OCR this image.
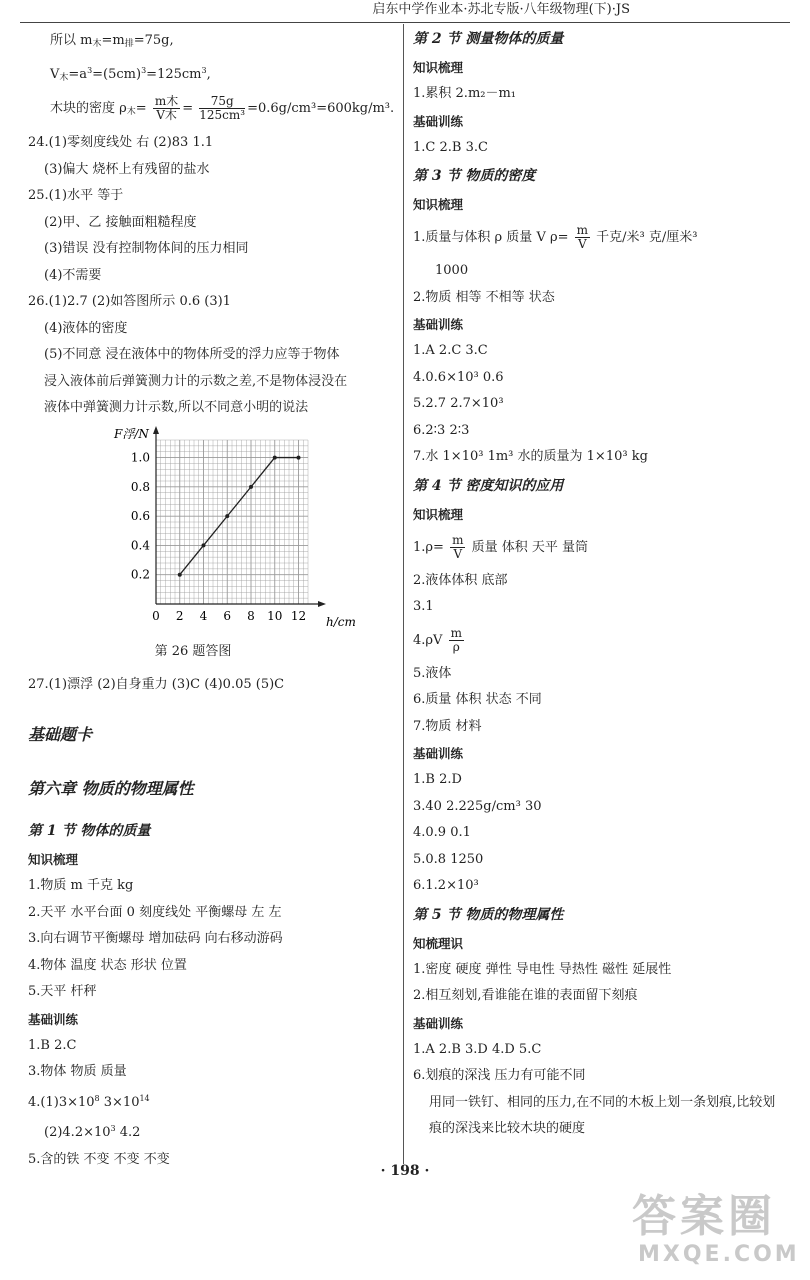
启东中学作业本·苏北专版·八年级物理(下)·JS
所以 $m_木=m_排=75g$,
$V_木=a^3=(5cm)^3=125cm^3$,
木块的密度 $\rho_木= \frac{\text{m木}}{\text{V木}} = \frac{75g}{\text{125cm³}} =0.6g/cm^3=600kg/m^3$.
24.(1)零刻度线处 右 (2)83 1.1
(3)偏大 烧杯上有残留的盐水
25.(1)水平 等于
(2)甲、乙 接触面粗糙程度
(3)错误 没有控制物体间的压力相同
(4)不需要
26.(1)2.7 (2)如答图所示 0.6 (3)1
(4)液体的密度
(5)不同意 浸在液体中的物体所受的浮力应等于物体
浸入液体前后弹簧测力计的示数之差,不是物体浸没在
液体中弹簧测力计示数,所以不同意小明的说法
0 2 4 6 8 10 12
0.2
0.4
0.6
0.8
1.0
F浮/N
h/cm
第 26 题答图
27.(1)漂浮 (2)自身重力 (3)C (4)0.05 (5)C
基础题卡
第六章 物质的物理属性
第 1 节 物体的质量
知识梳理
1.物质 m 千克 kg
2.天平 水平台面 0 刻度线处 平衡螺母 左 左
3.向右调节平衡螺母 增加砝码 向右移动游码
4.物体 温度 状态 形状 位置
5.天平 杆秤
基础训练
1.B 2.C
3.物体 物质 质量
$4.(1)3\times 10^8$ $3\times 10^{14}$
$(2)4.2\times 10^3$ 4.2
5.含的铁 不变 不变 不变
第 2 节 测量物体的质量
知识梳理
1.累积 2.m₂－m₁
基础训练
1.C 2.B 3.C
第 3 节 物质的密度
知识梳理
1.质量与体积 ρ 质量 V $\rho= \frac{m}{V}$ 千克/米³ 克/厘米³
1000
2.物质 相等 不相等 状态
基础训练
1.A 2.C 3.C
4.0.6×10³ 0.6
5.2.7 2.7×10³
6.2∶3 2∶3
7.水 1×10³ 1m³ 水的质量为 1×10³ kg
第 4 节 密度知识的应用
知识梳理
$1.\rho= \frac{m}{V}$ 质量 体积 天平 量筒
2.液体体积 底部
3.1
$4.\rho V \frac{m}{\rho}$
5.液体
6.质量 体积 状态 不同
7.物质 材料
基础训练
1.B 2.D
3.40 2.225g/cm³ 30
4.0.9 0.1
5.0.8 1250
6.1.2×10³
第 5 节 物质的物理属性
知梳理识
1.密度 硬度 弹性 导电性 导热性 磁性 延展性
2.相互刻划,看谁能在谁的表面留下刻痕
基础训练
1.A 2.B 3.D 4.D 5.C
6.划痕的深浅 压力有可能不同
用同一铁钉、相同的压力,在不同的木板上划一条划痕,比较划痕的深浅来比较木块的硬度
· 198 ·
答案圈
MXQE.COM
